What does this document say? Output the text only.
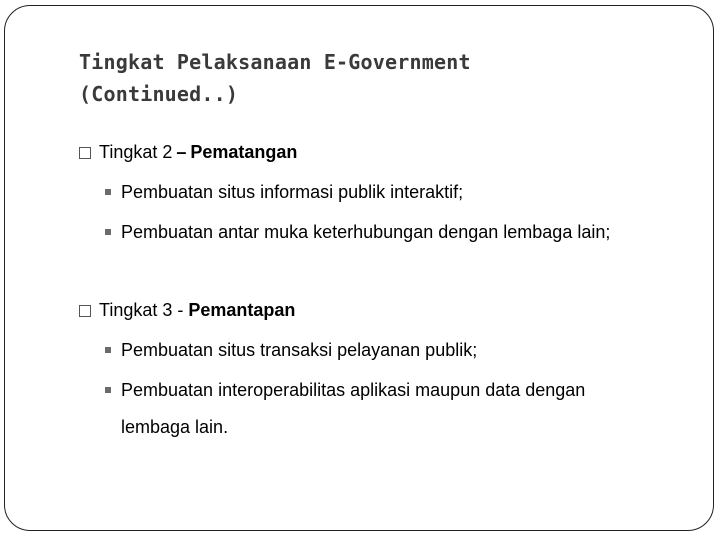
Tingkat Pelaksanaan E-Government
(Continued..)
Tingkat 2 – Pematangan
Pembuatan situs informasi publik interaktif;
Pembuatan antar muka keterhubungan dengan lembaga lain;
Tingkat 3 - Pemantapan
Pembuatan situs transaksi pelayanan publik;
Pembuatan interoperabilitas aplikasi maupun data dengan
lembaga lain.
